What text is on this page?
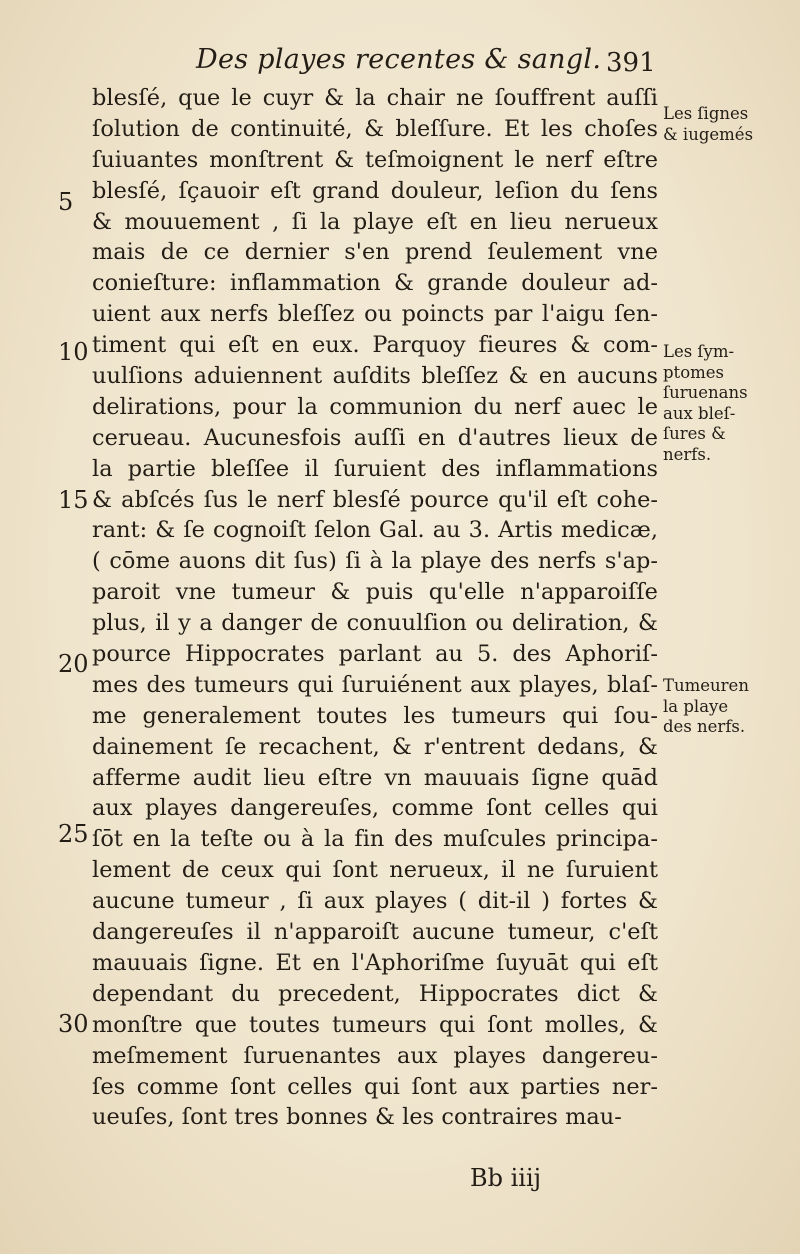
Des playes recentes & sangl. 391
5
10
15
20
25
30
blesſé, que le cuyr & la chair ne ſouffrent auſſi
ſolution de continuité, & bleſſure. Et les choſes
ſuiuantes monſtrent & teſmoignent le nerf eſtre
blesſé, ſçauoir eſt grand douleur, leſion du ſens
& mouuement , ſi la playe eſt en lieu nerueux
mais de ce dernier s'en prend ſeulement vne
conieſture: inflammation & grande douleur ad-
uient aux nerfs bleſſez ou poincts par l'aigu ſen-
timent qui eſt en eux. Parquoy fieures & com-
uulſions aduiennent auſdits bleſſez & en aucuns
delirations, pour la communion du nerf auec le
cerueau. Aucunesfois auſſi en d'autres lieux de
la partie bleſſee il ſuruient des inflammations
& abſcés ſus le nerf blesſé pource qu'il eſt cohe-
rant: & ſe cognoiſt ſelon Gal. au 3. Artis medicæ,
( cōme auons dit ſus) ſi à la playe des nerfs s'ap-
paroit vne tumeur & puis qu'elle n'apparoiſſe
plus, il y a danger de conuulſion ou deliration, &
pource Hippocrates parlant au 5. des Aphoriſ-
mes des tumeurs qui ſuruiénent aux playes, blaſ-
me generalement toutes les tumeurs qui ſou-
dainement ſe recachent, & r'entrent dedans, &
afferme audit lieu eſtre vn mauuais ſigne quād
aux playes dangereuſes, comme ſont celles qui
ſōt en la teſte ou à la fin des muſcules principa-
lement de ceux qui ſont nerueux, il ne ſuruient
aucune tumeur , ſi aux playes ( dit-il ) fortes &
dangereuſes il n'apparoiſt aucune tumeur, c'eſt
mauuais ſigne. Et en l'Aphoriſme ſuyuāt qui eſt
dependant du precedent, Hippocrates dict &
monſtre que toutes tumeurs qui ſont molles, &
meſmement ſuruenantes aux playes dangereu-
ſes comme ſont celles qui ſont aux parties ner-
ueuſes, ſont tres bonnes & les contraires mau-
Les ſignes
& iugemés
Les ſym-
ptomes
ſuruenans
aux bleſ-
ſures &
nerfs.
Tumeuren
la playe
des nerfs.
Bb iiij
